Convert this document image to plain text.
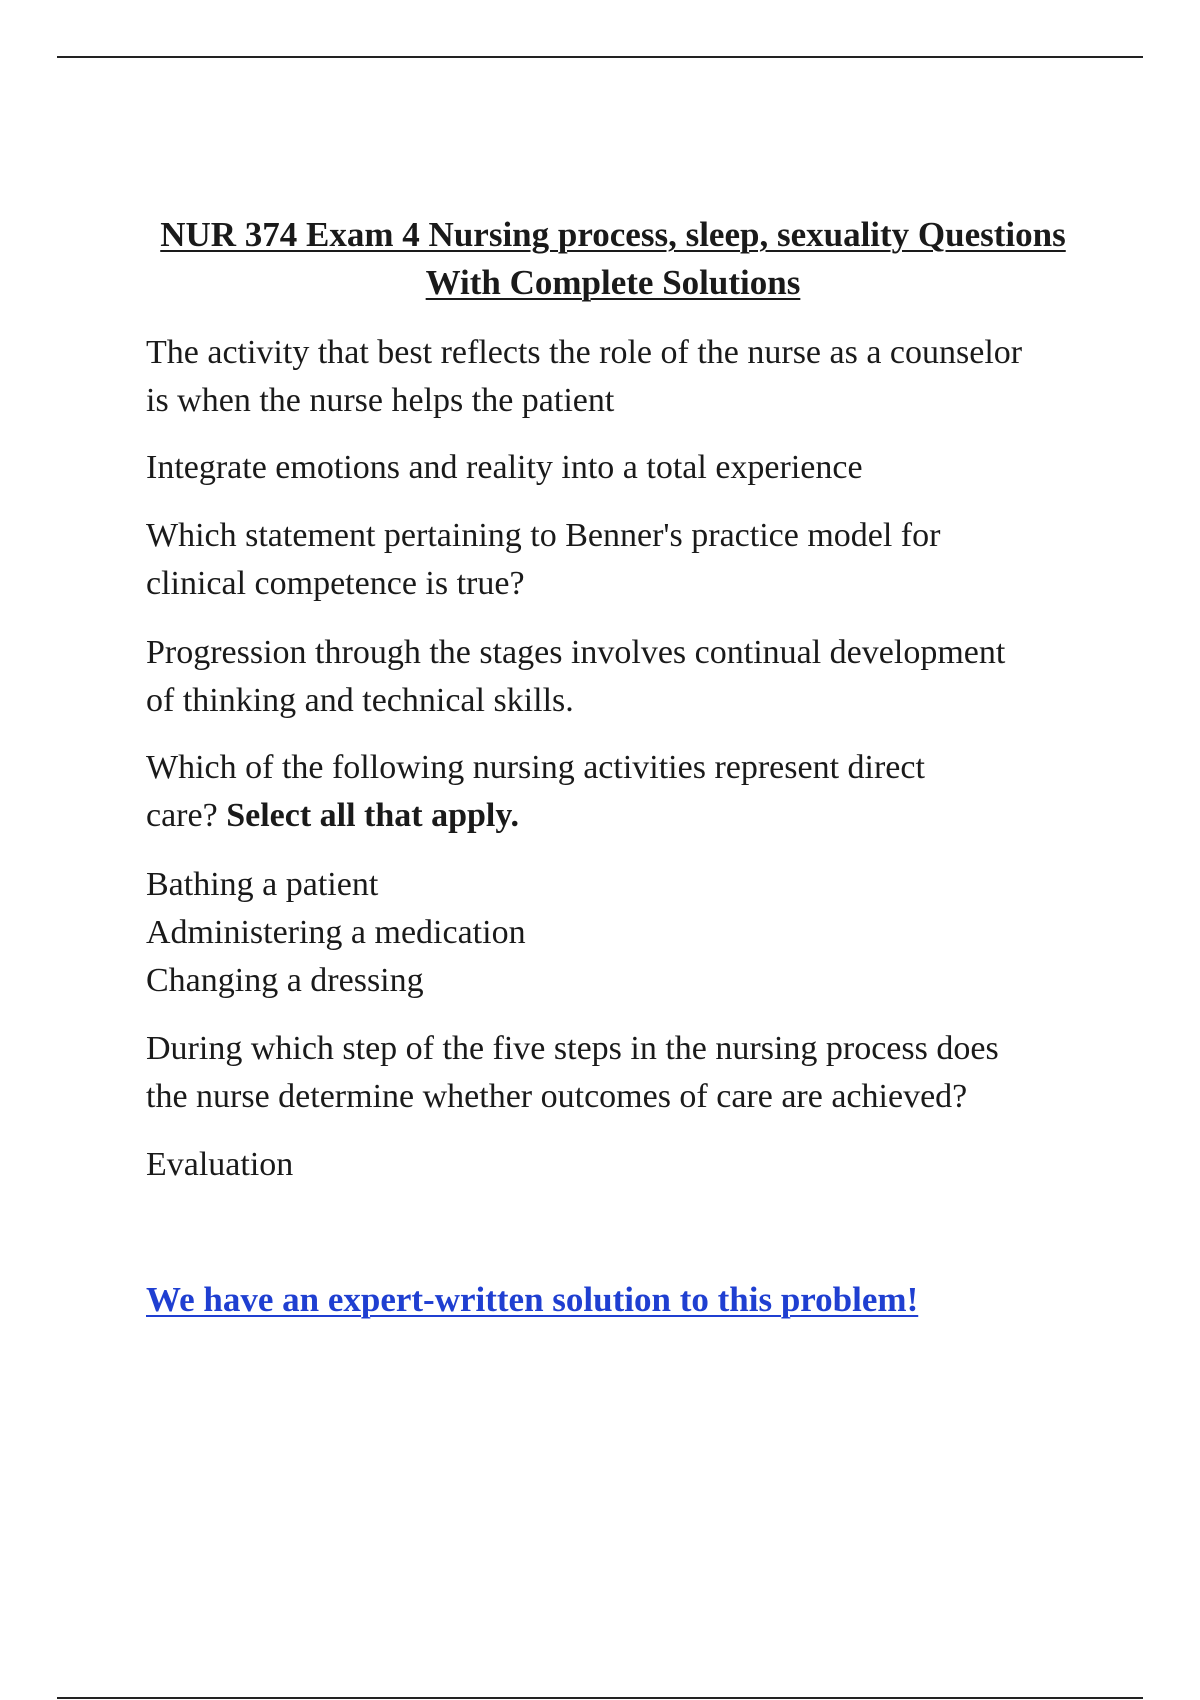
NUR 374 Exam 4 Nursing process, sleep, sexuality Questions
With Complete Solutions
The activity that best reflects the role of the nurse as a counselor
is when the nurse helps the patient
Integrate emotions and reality into a total experience
Which statement pertaining to Benner's practice model for
clinical competence is true?
Progression through the stages involves continual development
of thinking and technical skills.
Which of the following nursing activities represent direct
care? Select all that apply.
Bathing a patient
Administering a medication
Changing a dressing
During which step of the five steps in the nursing process does
the nurse determine whether outcomes of care are achieved?
Evaluation
We have an expert-written solution to this problem!
